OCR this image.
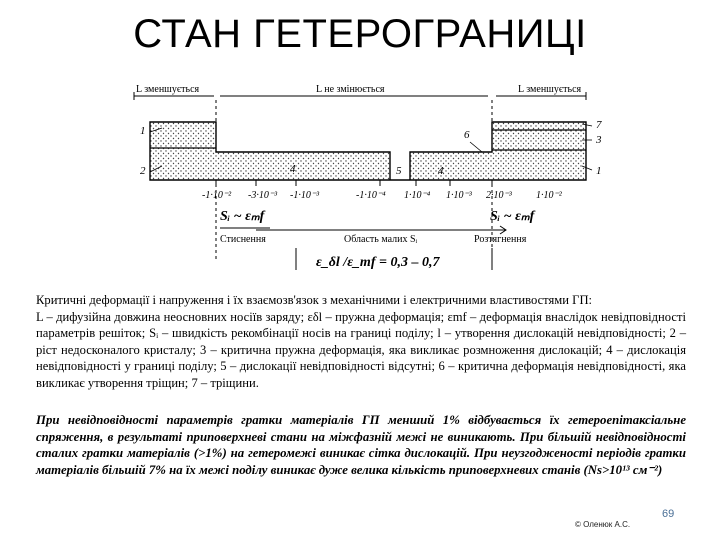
СТАН ГЕТЕРОГРАНИЦІ
L зменшується	L не змінюється	L зменшується
1
2
7
3
1
4	5
6
4
-1·10⁻² -3·10⁻³ -1·10⁻³	-1·10⁻⁴ 1·10⁻⁴ 1·10⁻³ 2·10⁻³ 1·10⁻²
Sᵢ ~ εₘf	Sᵢ ~ εₘf
Стиснення	Область малих Sᵢ	Розтягнення
ε_δl /ε_mf = 0,3 – 0,7

Критичні деформації і напруження і їх взаємозв'язок з механічними і електричними властивостями ГП:

L – дифузійна довжина неосновних носіїв заряду; εδl – пружна деформація; εmf – деформація внаслідок невідповідності параметрів решіток; Sᵢ – швидкість рекомбінації носів на границі поділу; l – утворення дислокацій невідповідності; 2 – ріст недосконалого кристалу; 3 – критична пружна деформація, яка викликає розмноження дислокацій; 4 – дислокація невідповідності у границі поділу; 5 – дислокації невідповідності відсутні; 6 – критична деформація невідповідності, яка викликає утворення тріщин; 7 – тріщини.

При невідповідності параметрів гратки матеріалів ГП менший 1% відбувається їх гетероепітаксіальне спряження, в результаті приповерхневі стани на міжфазній межі не виникають. При більшій невідповідності сталих гратки матеріалів (>1%) на гетеромежі виникає сітка дислокацій. При неузгодженості періодів гратки матеріалів більшій 7% на їх межі поділу виникає дуже велика кількість приповерхневих станів (Ns>10¹³ см⁻²)

69
© Оленюк А.С.
